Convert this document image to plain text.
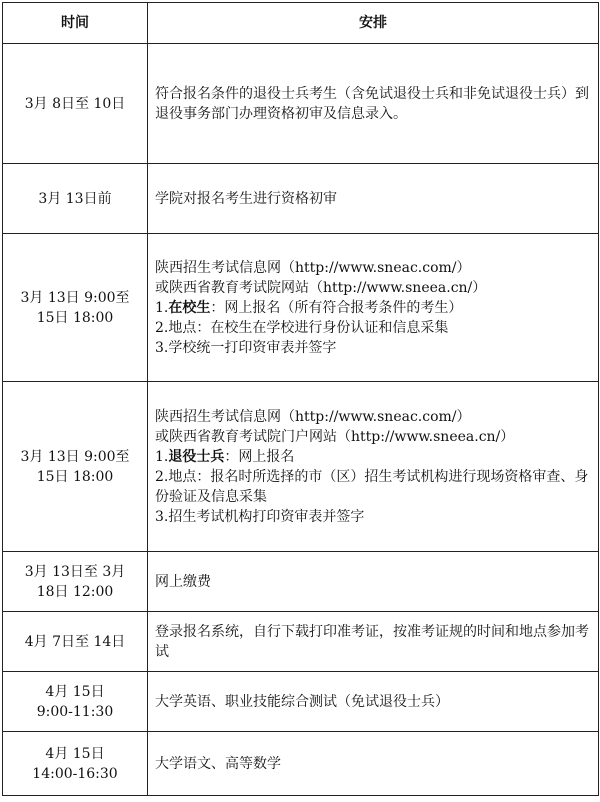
时间	安排

3月 8日至 10日	符合报名条件的退役士兵考生（含免试退役士兵和非免试退役士兵）到退役事务部门办理资格初审及信息录入。

3月 13日前	学院对报名考生进行资格初审

3月 13日 9:00至
15日 18:00	陕西招生考试信息网（http://www.sneac.com/）
或陕西省教育考试院网站（http://www.sneea.cn/）
1.在校生：网上报名（所有符合报考条件的考生）
2.地点：在校生在学校进行身份认证和信息采集
3.学校统一打印资审表并签字

3月 13日 9:00至
15日 18:00	陕西招生考试信息网（http://www.sneac.com/）
或陕西省教育考试院门户网站（http://www.sneea.cn/）
1.退役士兵：网上报名
2.地点：报名时所选择的市（区）招生考试机构进行现场资格审查、身份验证及信息采集
3.招生考试机构打印资审表并签字

3月 13日至 3月
18日 12:00	网上缴费

4月 7日至 14日	登录报名系统，自行下载打印准考证，按准考证规的时间和地点参加考试

4月 15日
9:00-11:30	大学英语、职业技能综合测试（免试退役士兵）

4月 15日
14:00-16:30	大学语文、高等数学
